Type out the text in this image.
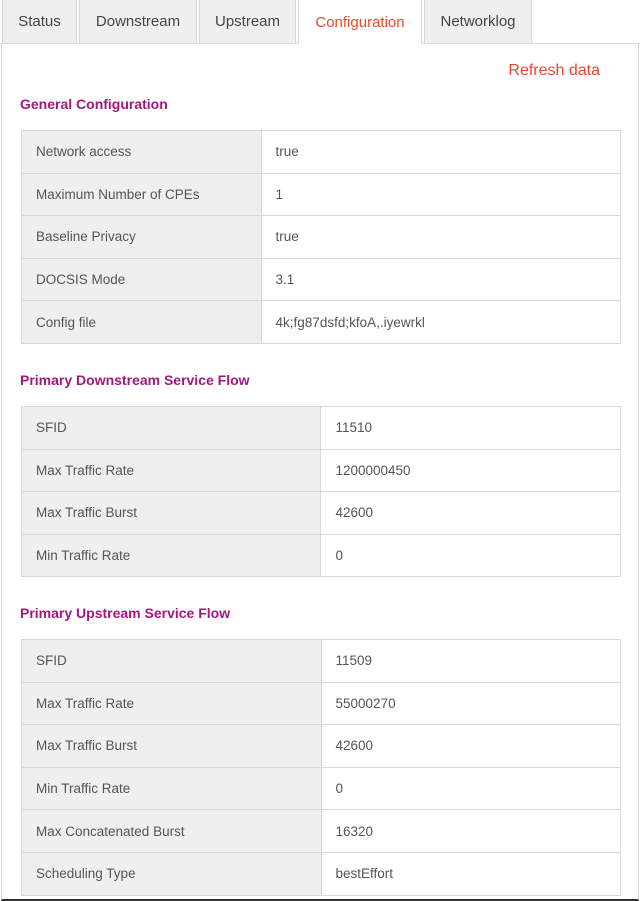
Status	Downstream	Upstream	Configuration	Networklog
Refresh data
General Configuration
Network access	true
Maximum Number of CPEs	1
Baseline Privacy	true
DOCSIS Mode	3.1
Config file	4k;fg87dsfd;kfoA,.iyewrkl
Primary Downstream Service Flow
SFID	11510
Max Traffic Rate	1200000450
Max Traffic Burst	42600
Min Traffic Rate	0
Primary Upstream Service Flow
SFID	11509
Max Traffic Rate	55000270
Max Traffic Burst	42600
Min Traffic Rate	0
Max Concatenated Burst	16320
Scheduling Type	bestEffort
